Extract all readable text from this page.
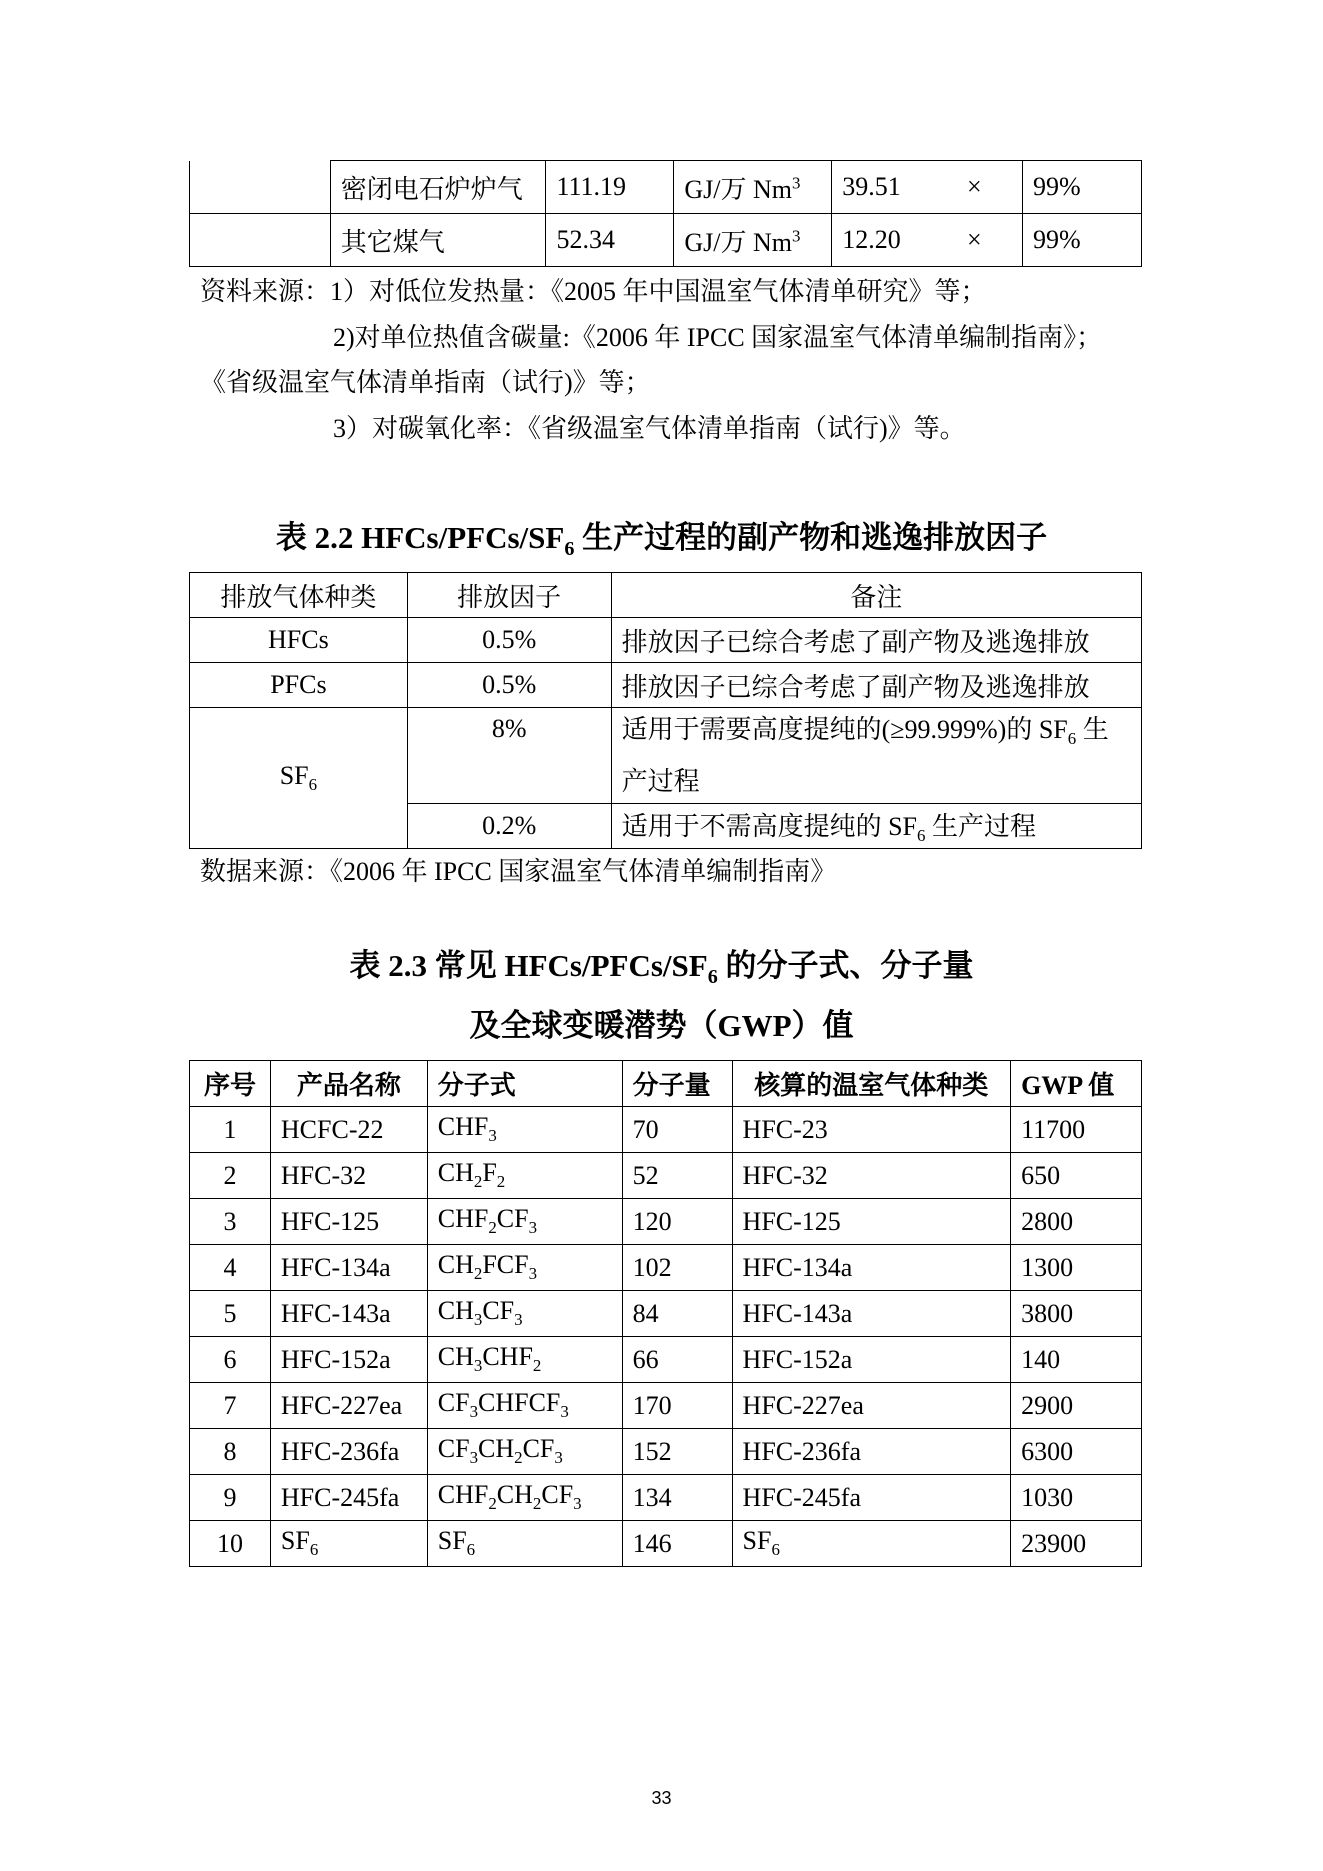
	密闭电石炉炉气	111.19	GJ/万 Nm$^3$	39.51	×	99%
	其它煤气	52.34	GJ/万 Nm$^3$	12.20	×	99%
资料来源：1）对低位发热量：《2005 年中国温室气体清单研究》等；
2)对单位热值含碳量:《2006 年 IPCC 国家温室气体清单编制指南》；
《省级温室气体清单指南（试行)》等；
3）对碳氧化率：《省级温室气体清单指南（试行)》等。
表 2.2 HFCs/$PFCs/SF_6$ 生产过程的副产物和逃逸排放因子
排放气体种类	排放因子	备注
HFCs	0.5%	排放因子已综合考虑了副产物及逃逸排放
PFCs	0.5%	排放因子已综合考虑了副产物及逃逸排放
$SF_6$	8%	适用于需要高度提纯的(≥99.999%)的 $SF_6$ 生产过程
	0.2%	适用于不需高度提纯的 $SF_6$ 生产过程
数据来源：《2006 年 IPCC 国家温室气体清单编制指南》
表 2.3 常见 HFCs/$PFCs/SF_6$ 的分子式、分子量
及全球变暖潜势（GWP）值
序号	产品名称	分子式	分子量	核算的温室气体种类	GWP 值
1	HCFC-22	$CHF_3$	70	HFC-23	11700
2	HFC-32	$CH_2F_2$	52	HFC-32	650
3	HFC-125	$CHF_2CF_3$	120	HFC-125	2800
4	HFC-134a	$CH_2FCF_3$	102	HFC-134a	1300
5	HFC-143a	$CH_3CF_3$	84	HFC-143a	3800
6	HFC-152a	$CH_3CHF_2$	66	HFC-152a	140
7	HFC-227ea	$CF_3CHFCF_3$	170	HFC-227ea	2900
8	HFC-236fa	$CF_3CH_2CF_3$	152	HFC-236fa	6300
9	HFC-245fa	$CHF_2CH_2CF_3$	134	HFC-245fa	1030
10	$SF_6$	$SF_6$	146	$SF_6$	23900
33
